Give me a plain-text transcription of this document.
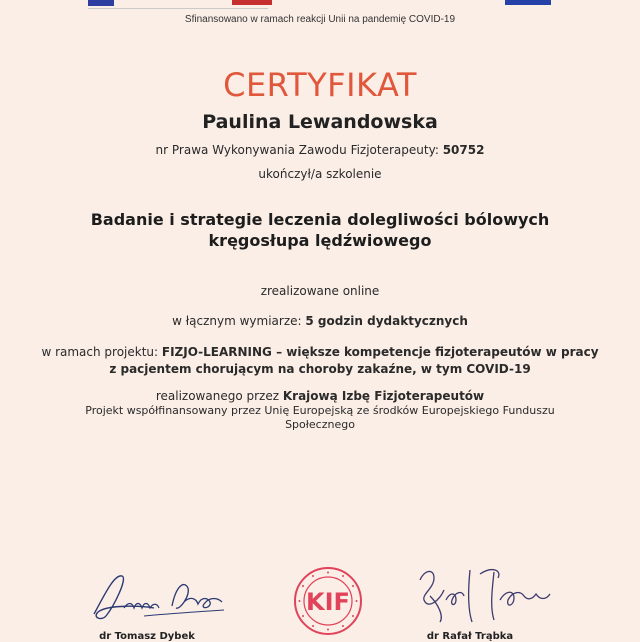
Sfinansowano w ramach reakcji Unii na pandemię COVID-19
CERTYFIKAT
Paulina Lewandowska
nr Prawa Wykonywania Zawodu Fizjoterapeuty: 50752
ukończył/a szkolenie
Badanie i strategie leczenia dolegliwości bólowych kręgosłupa lędźwiowego
zrealizowane online
w łącznym wymiarze: 5 godzin dydaktycznych
w ramach projektu: FIZJO-LEARNING – większe kompetencje fizjoterapeutów w pracy z pacjentem chorującym na choroby zakaźne, w tym COVID-19
realizowanego przez Krajową Izbę Fizjoterapeutów
Projekt współfinansowany przez Unię Europejską ze środków Europejskiego Funduszu Społecznego
KIF
dr Tomasz Dybek	dr Rafał Trąbka
